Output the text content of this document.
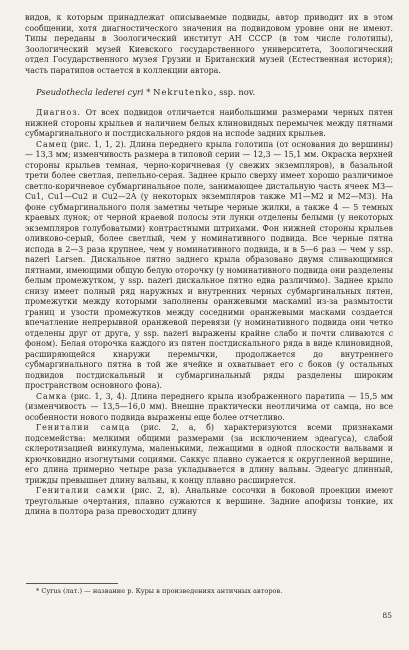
видов, к которым принадлежат описываемые подвиды, автор приводит их в этом сообщении, хотя диагностического значения на подвидовом уровне они не имеют. Типы переданы в Зоологический институт АН СССР (в том числе голотипы), Зоологический музей Киевского государственного университета, Зоологический отдел Государственного музея Грузии и Британский музей (Естественная история); часть паратипов остается в коллекции автора.

Pseudothecla lederei cyri * Nekrutenko, ssp. nov.

Диагноз. От всех подвидов отличается наибольшими размерами черных пятен нижней стороны крыльев и наличием белых клиновидных перемычек между пятнами субмаргинального и постдискального рядов на испode задних крыльев.

Самец (рис. 1, 1, 2). Длина переднего крыла голотипа (от основания до вершины) — 13,3 мм; изменчивость размера в типовой серии — 12,3 — 15,1 мм. Окраска верхней стороны крыльев темная, черно-коричневая (у свежих экземпляров), в базальной трети более светлая, пепельно-серая. Заднее крыло сверху имеет хорошо различимое светло-коричневое субмаргинальное поле, занимающее дистальную часть ячеек M3—Cu1, Cu1—Cu2 и Cu2—2A (у некоторых экземпляров также M1—M2 и M2—M3). На фоне субмаргинального поля заметны четыре черные жилки, а также 4 — 5 темных краевых лунок; от черной краевой полосы эти лунки отделены белыми (у некоторых экземпляров голубоватыми) контрастными штрихами. Фон нижней стороны крыльев оливково-серый, более светлый, чем у номинативного подвида. Все черные пятна испода в 2—3 раза крупнее, чем у номинативного подвида, и в 5—6 раз — чем у ssp. nazeri Larsen. Дискальное пятно заднего крыла образовано двумя сливающимися пятнами, имеющими общую белую оторочку (у номинативного подвида они разделены белым промежутком, у ssp. nazeri дискальное пятно едва различимо). Заднее крыло снизу имеет полный ряд наружных и внутренних черных субмаргинальных пятен, промежутки между которыми заполнены оранжевыми маскамиl из-за размытости границ и узости промежутков между соседними оранжевыми масками создается впечатление непрерывной оранжевой перевязи (у номинативного подвида они четко отделены друг от друга, у ssp. nazeri выражены крайне слабо и почти сливаются с фоном). Белая оторочка каждого из пятен постдискального ряда в виде клиновидной, расширяющейся кнаружи перемычки, продолжается до внутреннего субмаргинального пятна в той же ячейке и охватывает его с боков (у остальных подвидов постдискальный и субмаргинальный ряды разделены широким пространством основного фона).

Самка (рис. 1, 3, 4). Длина переднего крыла изображенного паратипа — 15,5 мм (изменчивость — 13,5—16,0 мм). Внешне практически неотличима от самца, но все особенности нового подвида выражены еще более отчетливо.

Гениталии самца (рис. 2, а, б) характеризуются всеми признаками подсемейства: мелкими общими размерами (за исключением эдеагуса), слабой склеротизацией винкулума, маленькими, лежащими в одной плоскости вальвами и крючковидно изогнутыми социями. Саккус плавно сужается к округленной вершине, его длина примерно четыре раза укладывается в длину вальвы. Эдеагус длинный, трижды превышает длину вальвы, к концу плавно расширяется.

Гениталии самки (рис. 2, в). Анальные сосочки в боковой проекции имеют треугольные очертания, плавно сужаются к вершине. Задние апофизы тонкие, их длина в полтора раза превосходит длину

* Cyrus (лат.) — название р. Куры в произведениях античных авторов.
85
